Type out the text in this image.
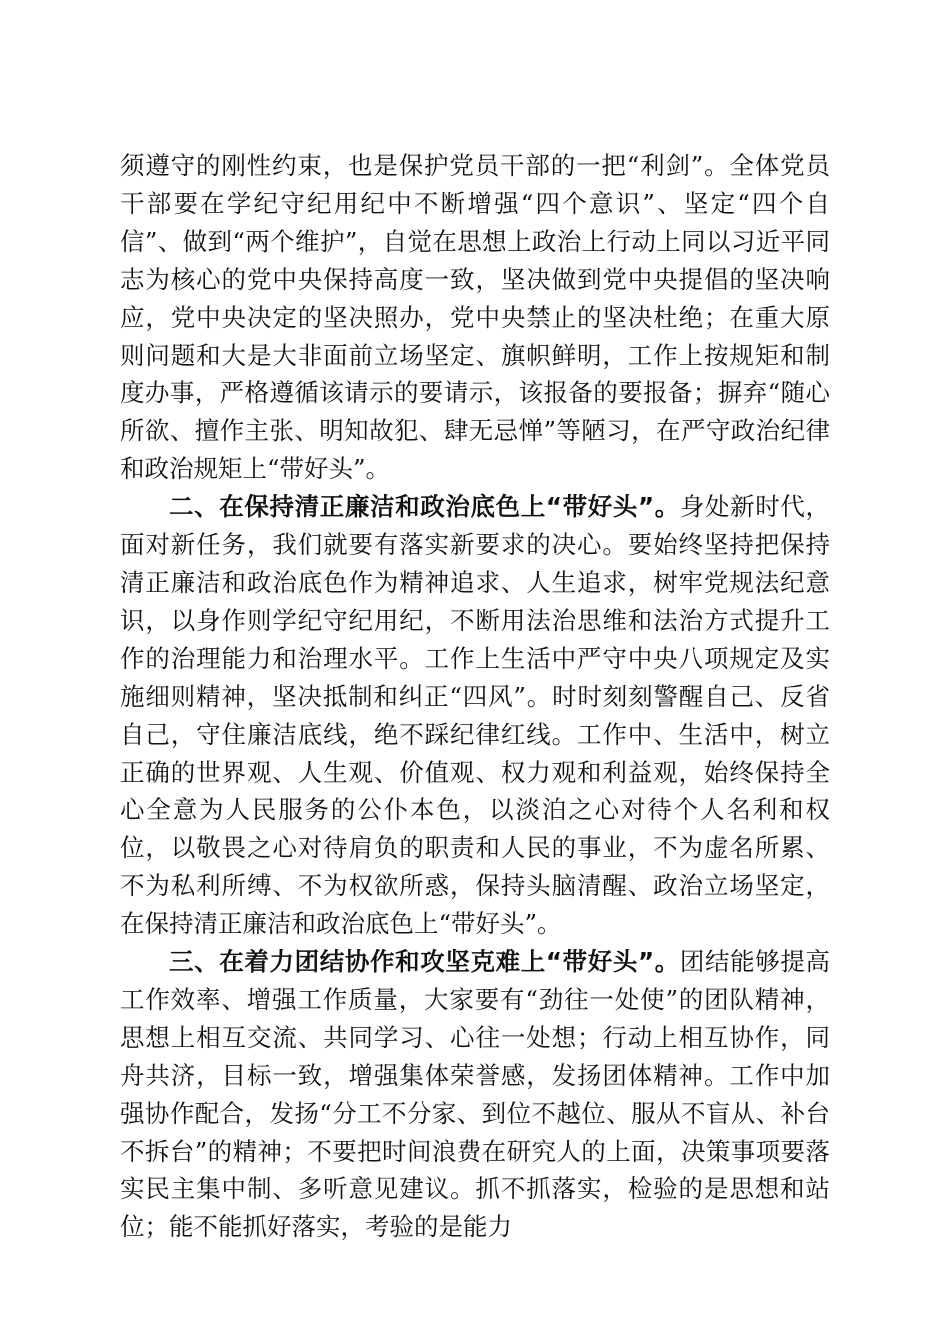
须遵守的刚性约束，也是保护党员干部的一把“利剑”。全体党员干部要在学纪守纪用纪中不断增强“四个意识”、坚定“四个自信”、做到“两个维护”，自觉在思想上政治上行动上同以习近平同志为核心的党中央保持高度一致，坚决做到党中央提倡的坚决响应，党中央决定的坚决照办，党中央禁止的坚决杜绝；在重大原则问题和大是大非面前立场坚定、旗帜鲜明，工作上按规矩和制度办事，严格遵循该请示的要请示，该报备的要报备；摒弃“随心所欲、擅作主张、明知故犯、肆无忌惮”等陋习，在严守政治纪律和政治规矩上“带好头”。

二、在保持清正廉洁和政治底色上“带好头”。身处新时代，面对新任务，我们就要有落实新要求的决心。要始终坚持把保持清正廉洁和政治底色作为精神追求、人生追求，树牢党规法纪意识，以身作则学纪守纪用纪，不断用法治思维和法治方式提升工作的治理能力和治理水平。工作上生活中严守中央八项规定及实施细则精神，坚决抵制和纠正“四风”。时时刻刻警醒自己、反省自己，守住廉洁底线，绝不踩纪律红线。工作中、生活中，树立正确的世界观、人生观、价值观、权力观和利益观，始终保持全心全意为人民服务的公仆本色，以淡泊之心对待个人名利和权位，以敬畏之心对待肩负的职责和人民的事业，不为虚名所累、不为私利所缚、不为权欲所惑，保持头脑清醒、政治立场坚定，在保持清正廉洁和政治底色上“带好头”。

三、在着力团结协作和攻坚克难上“带好头”。团结能够提高工作效率、增强工作质量，大家要有“劲往一处使”的团队精神，思想上相互交流、共同学习、心往一处想；行动上相互协作，同舟共济，目标一致，增强集体荣誉感，发扬团体精神。工作中加强协作配合，发扬“分工不分家、到位不越位、服从不盲从、补台不拆台”的精神；不要把时间浪费在研究人的上面，决策事项要落实民主集中制、多听意见建议。抓不抓落实，检验的是思想和站位；能不能抓好落实，考验的是能力
